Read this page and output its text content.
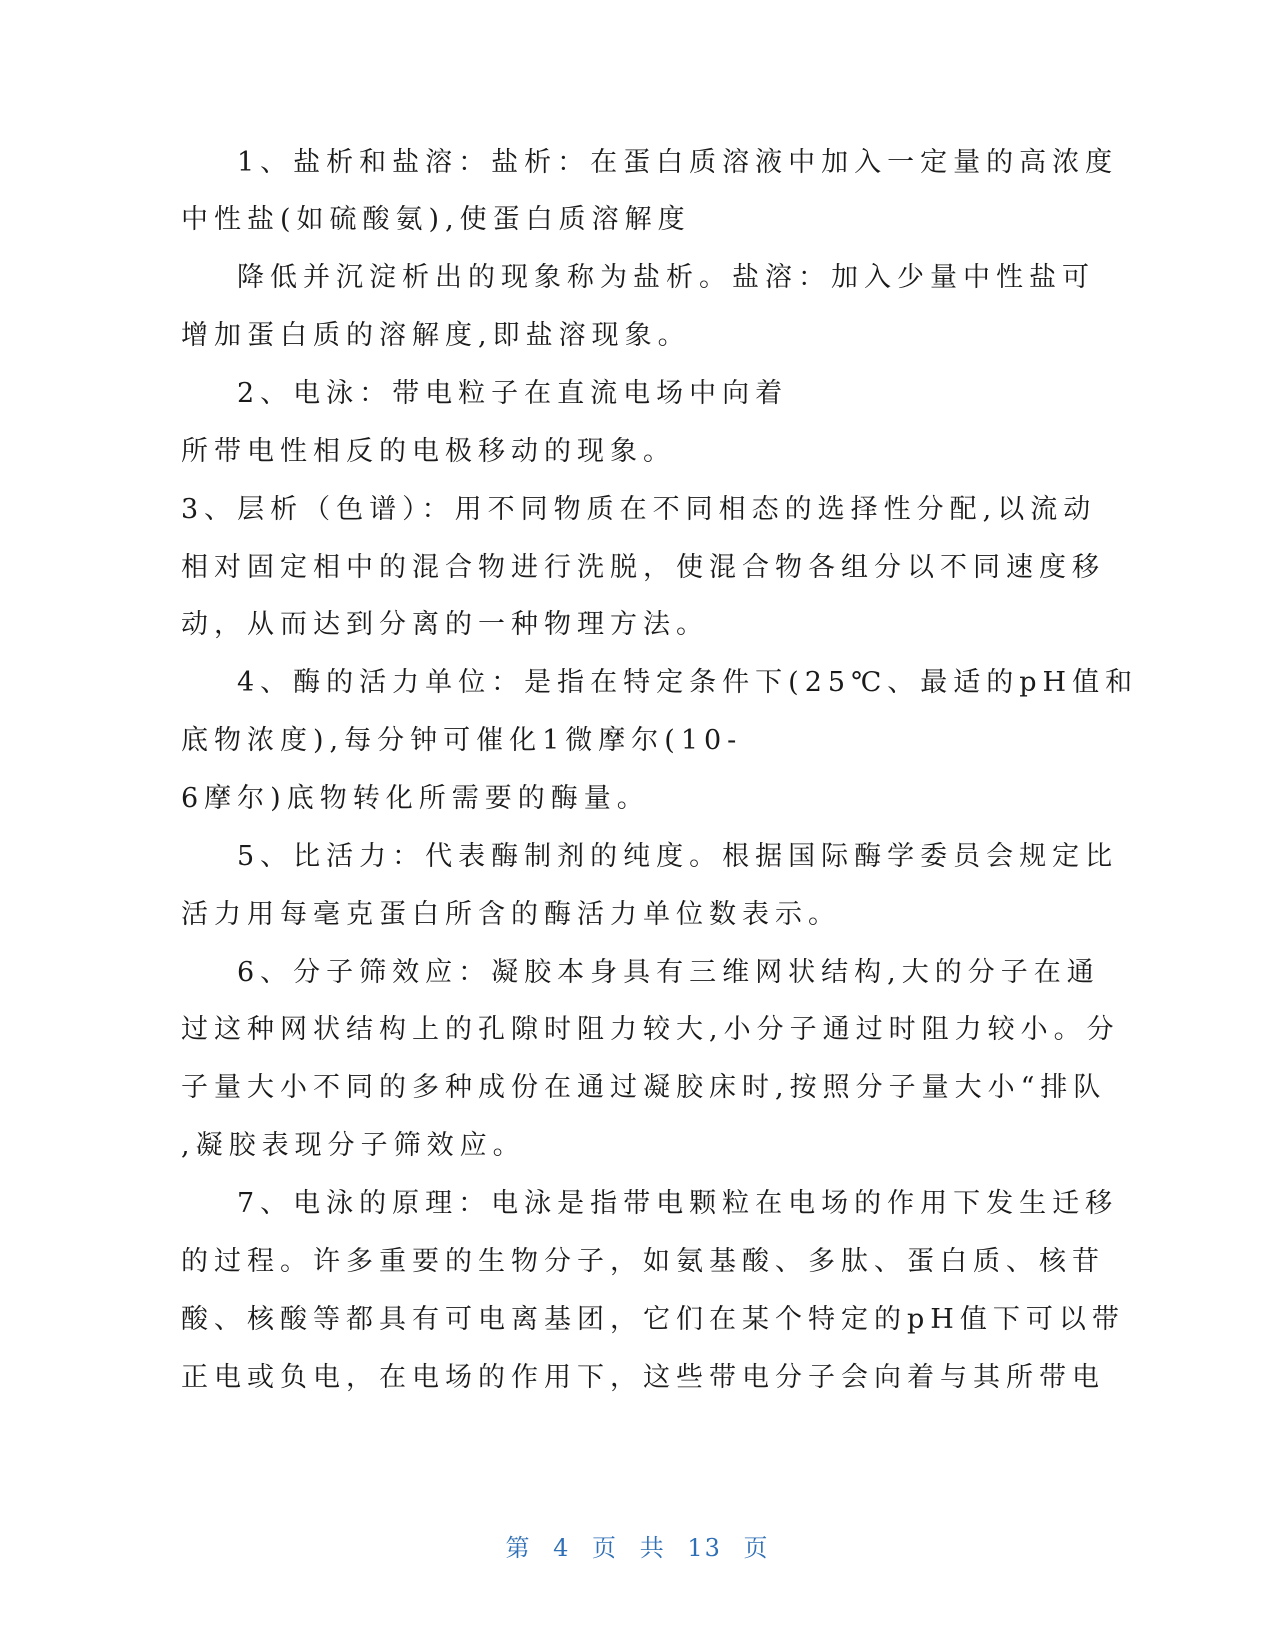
1、盐析和盐溶：盐析：在蛋白质溶液中加入一定量的高浓度
中性盐(如硫酸氨),使蛋白质溶解度
降低并沉淀析出的现象称为盐析。盐溶：加入少量中性盐可
增加蛋白质的溶解度,即盐溶现象。
2、电泳：带电粒子在直流电场中向着
所带电性相反的电极移动的现象。
3、层析（色谱）：用不同物质在不同相态的选择性分配,以流动
相对固定相中的混合物进行洗脱，使混合物各组分以不同速度移
动，从而达到分离的一种物理方法。
4、酶的活力单位：是指在特定条件下(25℃、最适的pH值和
底物浓度),每分钟可催化1微摩尔(10-
6摩尔)底物转化所需要的酶量。
5、比活力：代表酶制剂的纯度。根据国际酶学委员会规定比
活力用每毫克蛋白所含的酶活力单位数表示。
6、分子筛效应：凝胶本身具有三维网状结构,大的分子在通
过这种网状结构上的孔隙时阻力较大,小分子通过时阻力较小。分
子量大小不同的多种成份在通过凝胶床时,按照分子量大小“排队
,凝胶表现分子筛效应。
7、电泳的原理：电泳是指带电颗粒在电场的作用下发生迁移
的过程。许多重要的生物分子，如氨基酸、多肽、蛋白质、核苷
酸、核酸等都具有可电离基团，它们在某个特定的pH值下可以带
正电或负电，在电场的作用下，这些带电分子会向着与其所带电
第 4 页 共 13 页
